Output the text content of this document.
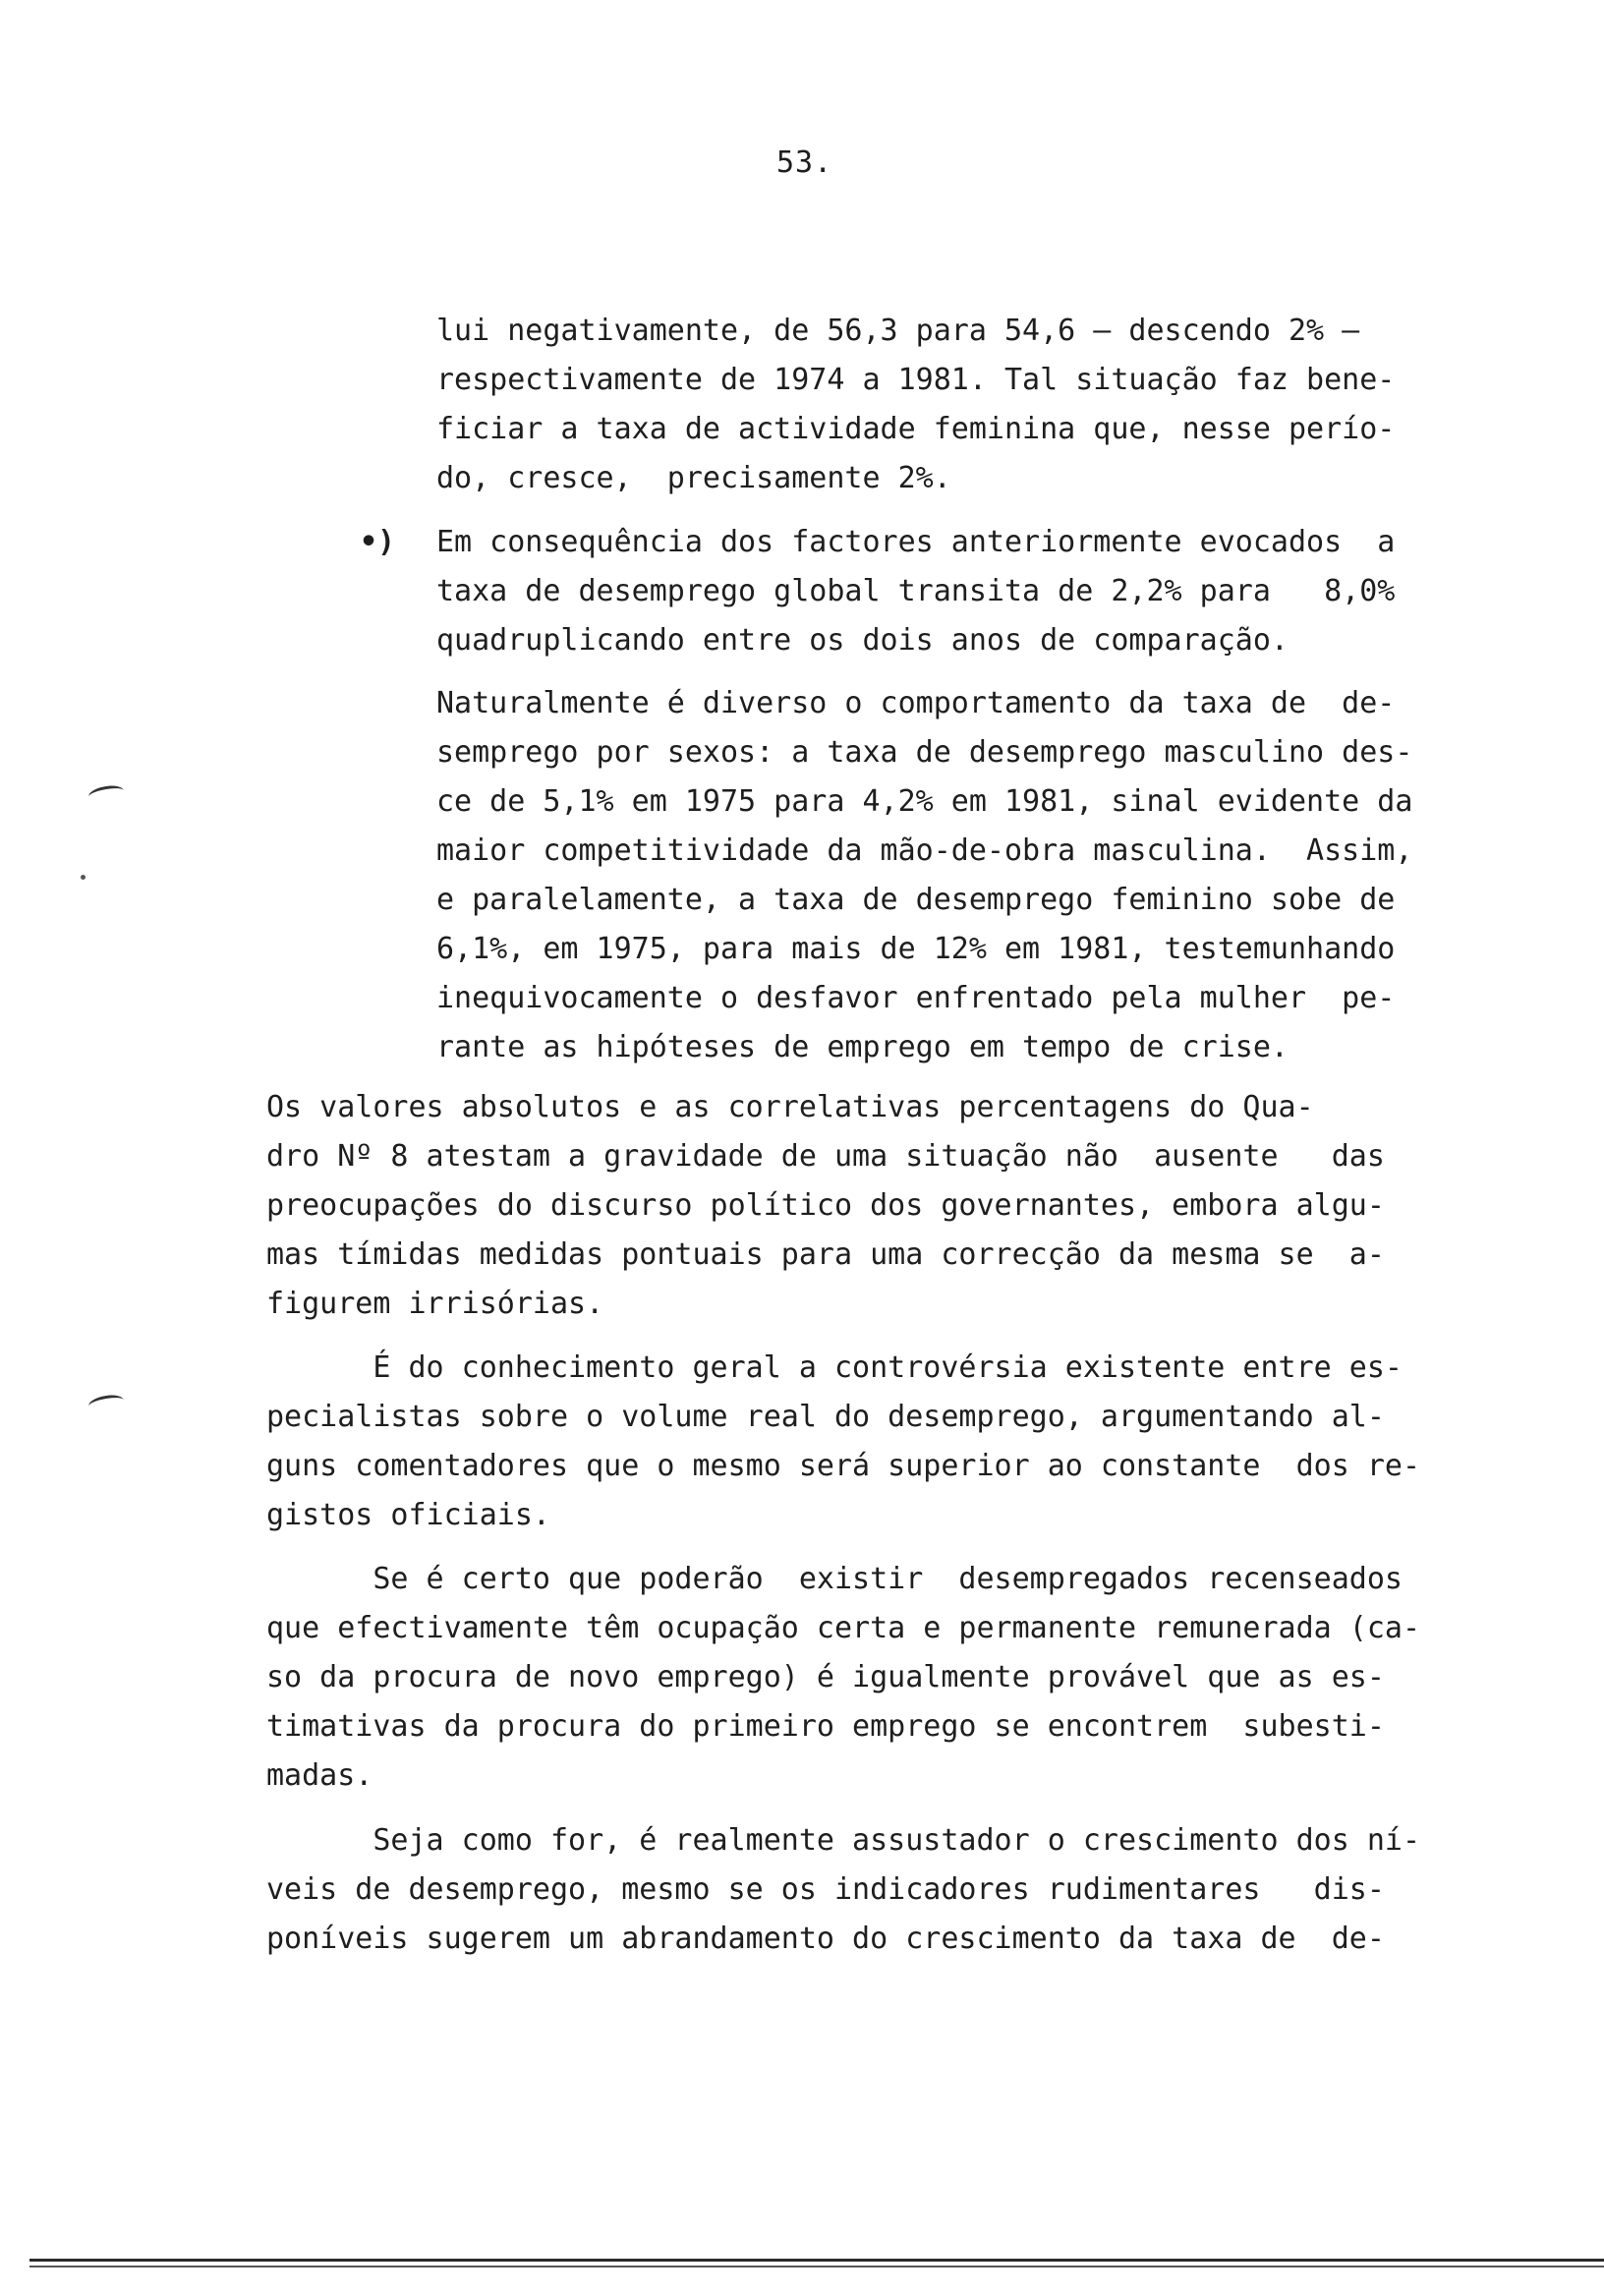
53.
•)
lui negativamente, de 56,3 para 54,6 — descendo 2% —
respectivamente de 1974 a 1981. Tal situação faz bene-
ficiar a taxa de actividade feminina que, nesse perío-
do, cresce,  precisamente 2%.
Em consequência dos factores anteriormente evocados  a
taxa de desemprego global transita de 2,2% para   8,0%
quadruplicando entre os dois anos de comparação.
Naturalmente é diverso o comportamento da taxa de  de-
semprego por sexos: a taxa de desemprego masculino des-
ce de 5,1% em 1975 para 4,2% em 1981, sinal evidente da
maior competitividade da mão-de-obra masculina.  Assim,
e paralelamente, a taxa de desemprego feminino sobe de
6,1%, em 1975, para mais de 12% em 1981, testemunhando
inequivocamente o desfavor enfrentado pela mulher  pe-
rante as hipóteses de emprego em tempo de crise.
Os valores absolutos e as correlativas percentagens do Qua-
dro Nº 8 atestam a gravidade de uma situação não  ausente   das
preocupações do discurso político dos governantes, embora algu-
mas tímidas medidas pontuais para uma correcção da mesma se  a-
figurem irrisórias.
É do conhecimento geral a controvérsia existente entre es-
pecialistas sobre o volume real do desemprego, argumentando al-
guns comentadores que o mesmo será superior ao constante  dos re-
gistos oficiais.
Se é certo que poderão  existir  desempregados recenseados
que efectivamente têm ocupação certa e permanente remunerada (ca-
so da procura de novo emprego) é igualmente provável que as es-
timativas da procura do primeiro emprego se encontrem  subesti-
madas.
Seja como for, é realmente assustador o crescimento dos ní-
veis de desemprego, mesmo se os indicadores rudimentares   dis-
poníveis sugerem um abrandamento do crescimento da taxa de  de-
